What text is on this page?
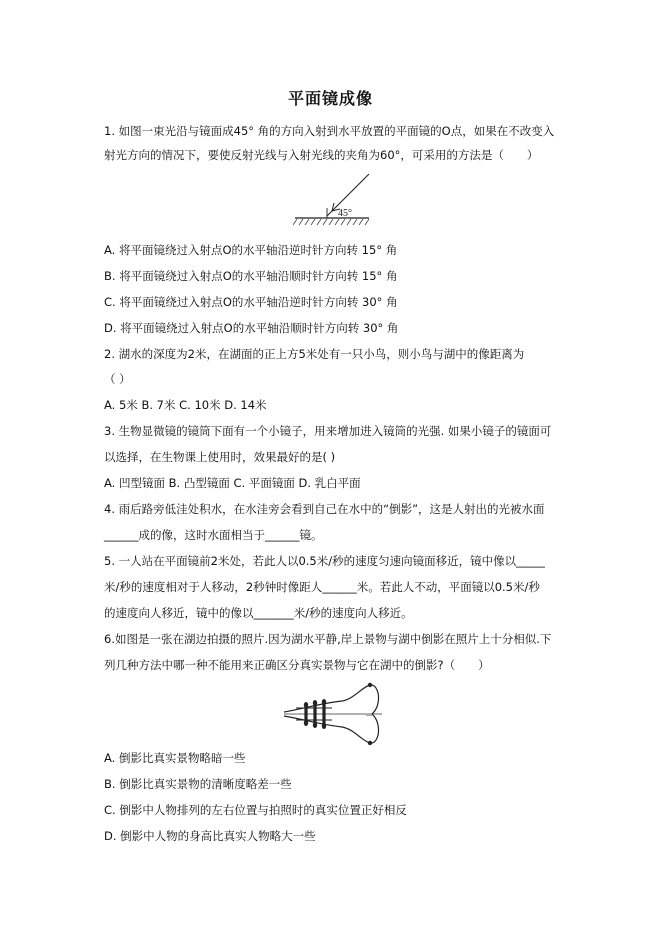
平面镜成像
1. 如图一束光沿与镜面成45° 角的方向入射到水平放置的平面镜的O点，如果在不改变入
射光方向的情况下，要使反射光线与入射光线的夹角为60°，可采用的方法是（　　）
45°
A. 将平面镜绕过入射点O的水平轴沿逆时针方向转 15° 角
B. 将平面镜绕过入射点O的水平轴沿顺时针方向转 15° 角
C. 将平面镜绕过入射点O的水平轴沿逆时针方向转 30° 角
D. 将平面镜绕过入射点O的水平轴沿顺时针方向转 30° 角
2. 湖水的深度为2米，在湖面的正上方5米处有一只小鸟，则小鸟与湖中的像距离为
（ ）
A. 5米 B. 7米 C. 10米 D. 14米
3. 生物显微镜的镜筒下面有一个小镜子，用来增加进入镜筒的光强. 如果小镜子的镜面可
以选择，在生物课上使用时，效果最好的是( )
A. 凹型镜面 B. 凸型镜面 C. 平面镜面 D. 乳白平面
4. 雨后路旁低洼处积水，在水洼旁会看到自己在水中的“倒影”，这是人射出的光被水面
______成的像，这时水面相当于______镜。
5. 一人站在平面镜前2米处，若此人以0.5米/秒的速度匀速向镜面移近，镜中像以_____
米/秒的速度相对于人移动，2秒钟时像距人______米。若此人不动，平面镜以0.5米/秒
的速度向人移近，镜中的像以_______米/秒的速度向人移近。
6.如图是一张在湖边拍摄的照片.因为湖水平静,岸上景物与湖中倒影在照片上十分相似.下
列几种方法中哪一种不能用来正确区分真实景物与它在湖中的倒影?（　　）
—
A. 倒影比真实景物略暗一些
B. 倒影比真实景物的清晰度略差一些
C. 倒影中人物排列的左右位置与拍照时的真实位置正好相反
D. 倒影中人物的身高比真实人物略大一些
